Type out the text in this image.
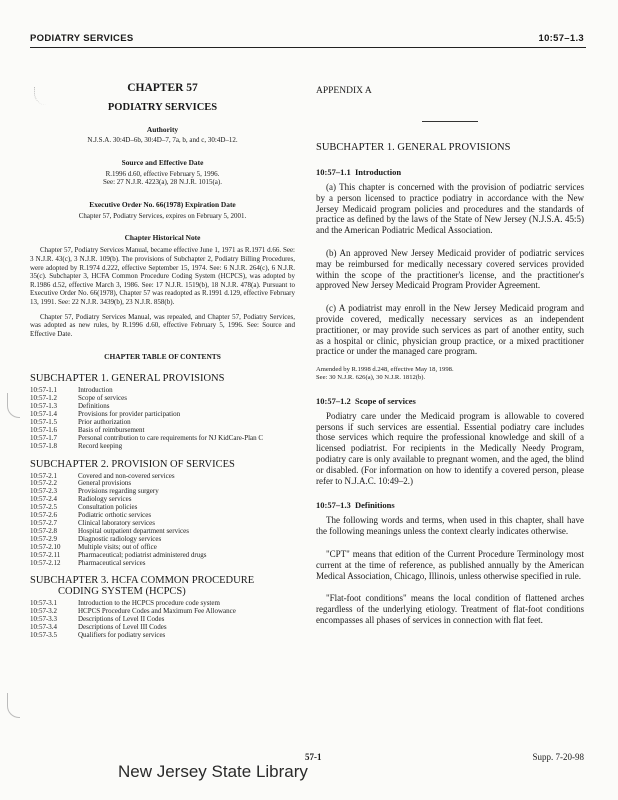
PODIATRY SERVICES	10:57–1.3

CHAPTER 57

PODIATRY SERVICES

Authority

N.J.S.A. 30:4D–6b, 30:4D–7, 7a, b, and c, 30:4D–12.

Source and Effective Date

R.1996 d.60, effective February 5, 1996.

See: 27 N.J.R. 4223(a), 28 N.J.R. 1015(a).

Executive Order No. 66(1978) Expiration Date

Chapter 57, Podiatry Services, expires on February 5, 2001.

Chapter Historical Note

Chapter 57, Podiatry Services Manual, became effective June 1, 1971 as R.1971 d.66. See: 3 N.J.R. 43(c), 3 N.J.R. 109(b). The provisions of Subchapter 2, Podiatry Billing Procedures, were adopted by R.1974 d.222, effective September 15, 1974. See: 6 N.J.R. 264(c), 6 N.J.R. 35(c). Subchapter 3, HCFA Common Procedure Coding System (HCPCS), was adopted by R.1986 d.52, effective March 3, 1986. See: 17 N.J.R. 1519(b), 18 N.J.R. 478(a). Pursuant to Executive Order No. 66(1978), Chapter 57 was readopted as R.1991 d.129, effective February 13, 1991. See: 22 N.J.R. 3439(b), 23 N.J.R. 858(b).

Chapter 57, Podiatry Services Manual, was repealed, and Chapter 57, Podiatry Services, was adopted as new rules, by R.1996 d.60, effective February 5, 1996. See: Source and Effective Date.

CHAPTER TABLE OF CONTENTS

SUBCHAPTER 1. GENERAL PROVISIONS

10:57-1.1	Introduction
10:57-1.2	Scope of services
10:57-1.3	Definitions
10:57-1.4	Provisions for provider participation
10:57-1.5	Prior authorization
10:57-1.6	Basis of reimbursement
10:57-1.7	Personal contribution to care requirements for NJ KidCare-Plan C
10:57-1.8	Record keeping

SUBCHAPTER 2. PROVISION OF SERVICES

10:57-2.1	Covered and non-covered services
10:57-2.2	General provisions
10:57-2.3	Provisions regarding surgery
10:57-2.4	Radiology services
10:57-2.5	Consultation policies
10:57-2.6	Podiatric orthotic services
10:57-2.7	Clinical laboratory services
10:57-2.8	Hospital outpatient department services
10:57-2.9	Diagnostic radiology services
10:57-2.10	Multiple visits; out of office
10:57-2.11	Pharmaceutical; podiatrist administered drugs
10:57-2.12	Pharmaceutical services

SUBCHAPTER 3. HCFA COMMON PROCEDURE

CODING SYSTEM (HCPCS)

10:57-3.1	Introduction to the HCPCS procedure code system
10:57-3.2	HCPCS Procedure Codes and Maximum Fee Allowance
10:57-3.3	Descriptions of Level II Codes
10:57-3.4	Descriptions of Level III Codes
10:57-3.5	Qualifiers for podiatry services

APPENDIX A

SUBCHAPTER 1. GENERAL PROVISIONS

10:57–1.1 Introduction

(a) This chapter is concerned with the provision of podiatric services by a person licensed to practice podiatry in accordance with the New Jersey Medicaid program policies and procedures and the standards of practice as defined by the laws of the State of New Jersey (N.J.S.A. 45:5) and the American Podiatric Medical Association.

(b) An approved New Jersey Medicaid provider of podiatric services may be reimbursed for medically necessary covered services provided within the scope of the practitioner's license, and the practitioner's approved New Jersey Medicaid Program Provider Agreement.

(c) A podiatrist may enroll in the New Jersey Medicaid program and provide covered, medically necessary services as an independent practitioner, or may provide such services as part of another entity, such as a hospital or clinic, physician group practice, or a mixed practitioner practice or under the managed care program.

Amended by R.1998 d.248, effective May 18, 1998.

See: 30 N.J.R. 626(a), 30 N.J.R. 1812(b).

10:57–1.2 Scope of services

Podiatry care under the Medicaid program is allowable to covered persons if such services are essential. Essential podiatry care includes those services which require the professional knowledge and skill of a licensed podiatrist. For recipients in the Medically Needy Program, podiatry care is only available to pregnant women, and the aged, the blind or disabled. (For information on how to identify a covered person, please refer to N.J.A.C. 10:49–2.)

10:57–1.3 Definitions

The following words and terms, when used in this chapter, shall have the following meanings unless the context clearly indicates otherwise.

"CPT" means that edition of the Current Procedure Terminology most current at the time of reference, as published annually by the American Medical Association, Chicago, Illinois, unless otherwise specified in rule.

"Flat-foot conditions" means the local condition of flattened arches regardless of the underlying etiology. Treatment of flat-foot conditions encompasses all phases of services in connection with flat feet.

New Jersey State Library
57-1	Supp. 7-20-98
